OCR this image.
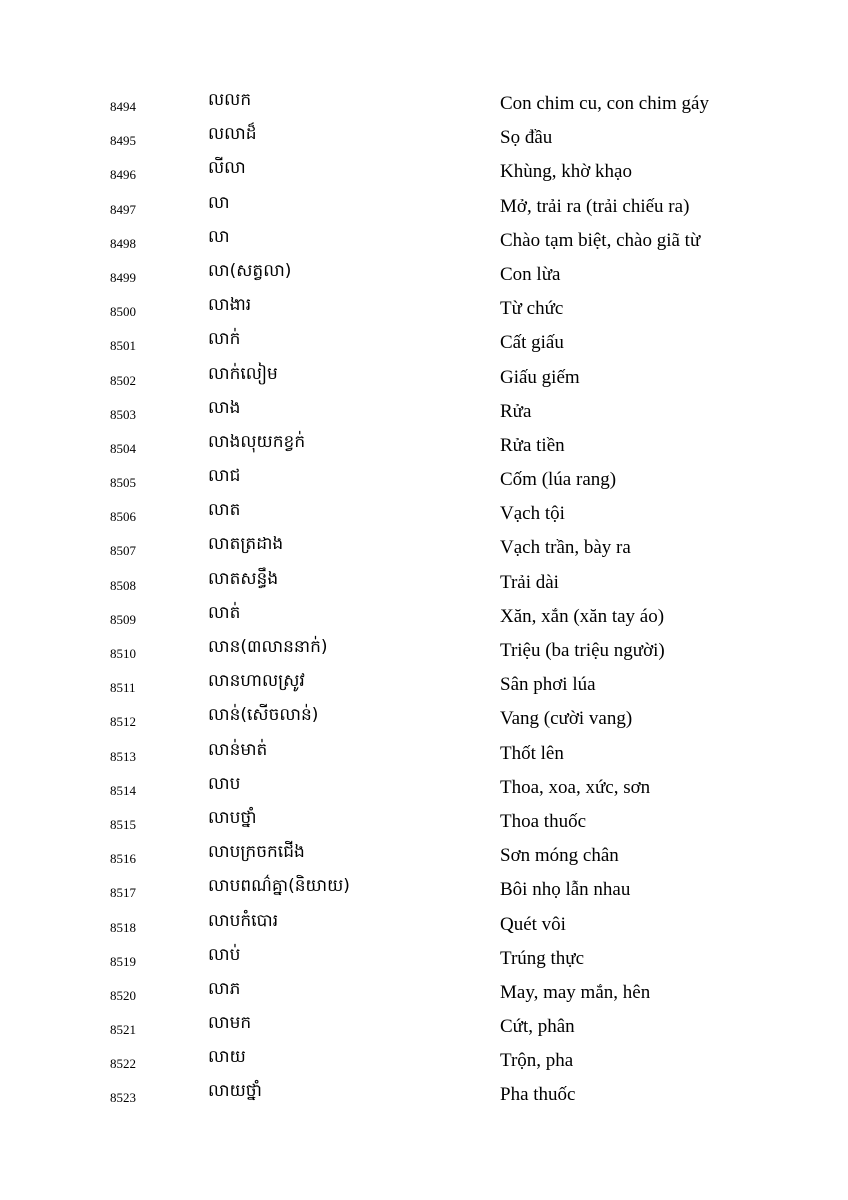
8494	លលក	Con chim cu, con chim gáy
8495	លលាដ៏	Sọ đầu
8496	លីលា	Khùng, khờ khạo
8497	លា	Mở, trải ra (trải chiếu ra)
8498	លា	Chào tạm biệt, chào giã từ
8499	លា(សត្វលា)	Con lừa
8500	លាងារ	Từ chức
8501	លាក់	Cất giấu
8502	លាក់លៀម	Giấu giếm
8503	លាង	Rửa
8504	លាងលុយកខ្វក់	Rửa tiền
8505	លាជ	Cốm (lúa rang)
8506	លាត	Vạch tội
8507	លាតត្រដាង	Vạch trần, bày ra
8508	លាតសន្ធឹង	Trải dài
8509	លាត់	Xăn, xắn (xăn tay áo)
8510	លាន(៣លាននាក់)	Triệu (ba triệu người)
8511	លានហាលស្រូវ	Sân phơi lúa
8512	លាន់(សើចលាន់)	Vang (cười vang)
8513	លាន់មាត់	Thốt lên
8514	លាប	Thoa, xoa, xức, sơn
8515	លាបថ្នាំ	Thoa thuốc
8516	លាបក្រចកជើង	Sơn móng chân
8517	លាបពណ៌គ្នា(និយាយ)	Bôi nhọ lẫn nhau
8518	លាបកំបោរ	Quét vôi
8519	លាប់	Trúng thực
8520	លាភ	May, may mắn, hên
8521	លាមក	Cứt, phân
8522	លាយ	Trộn, pha
8523	លាយថ្នាំ	Pha thuốc
